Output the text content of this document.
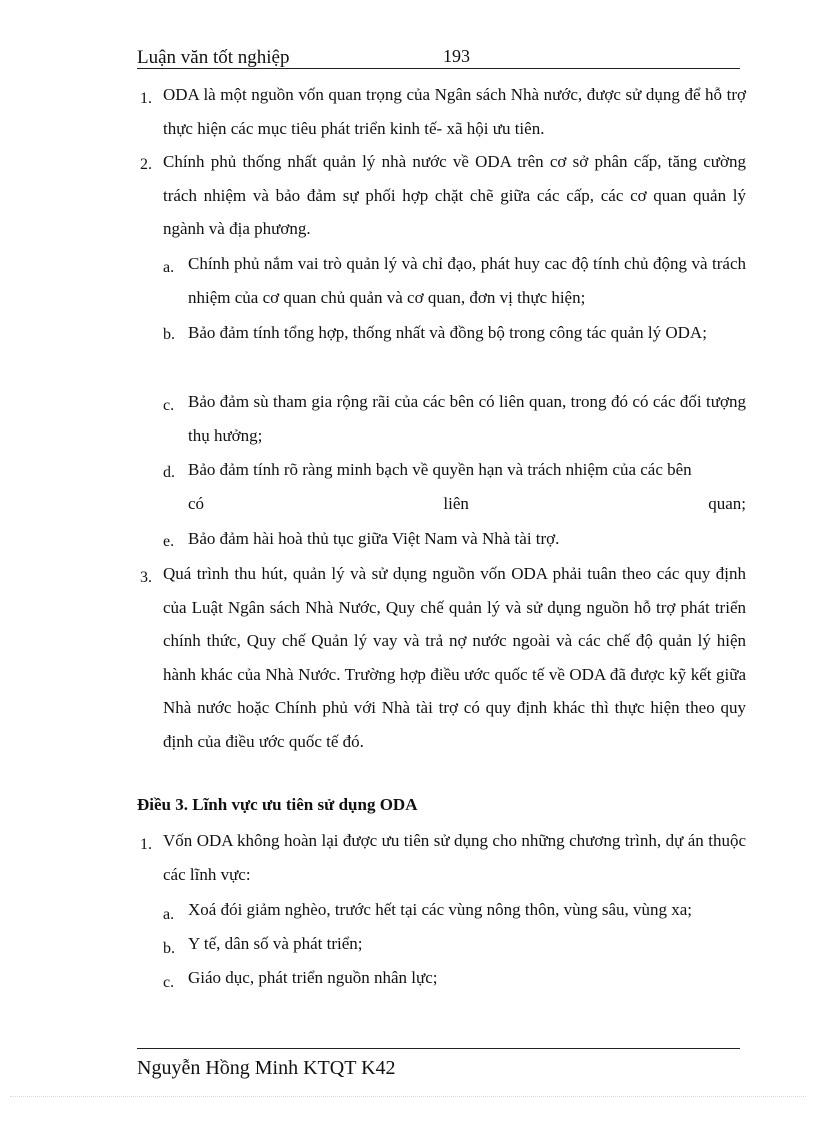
Luận văn tốt nghiệp	193
1. ODA là một nguồn vốn quan trọng của Ngân sách Nhà nước, được sử dụng để hỗ trợ thực hiện các mục tiêu phát triển kinh tế- xã hội ưu tiên.
2. Chính phủ thống nhất quản lý nhà nước về ODA trên cơ sở phân cấp, tăng cường trách nhiệm và bảo đảm sự phối hợp chặt chẽ giữa các cấp, các cơ quan quản lý ngành và địa phương.
a. Chính phủ nắm vai trò quản lý và chỉ đạo, phát huy cac độ tính chủ động và trách nhiệm của cơ quan chủ quản và cơ quan, đơn vị thực hiện;
b. Bảo đảm tính tổng hợp, thống nhất và đồng bộ trong công tác quản lý ODA;
c. Bảo đảm sù tham gia rộng rãi của các bên có liên quan, trong đó có các đối tượng thụ hưởng;
d. Bảo đảm tính rõ ràng minh bạch về quyền hạn và trách nhiệm của các bên
có	liên	quan;
e. Bảo đảm hài hoà thủ tục giữa Việt Nam và Nhà tài trợ.
3. Quá trình thu hút, quản lý và sử dụng nguồn vốn ODA phải tuân theo các quy định của Luật Ngân sách Nhà Nước, Quy chế quản lý và sử dụng nguồn hỗ trợ phát triển chính thức, Quy chế Quản lý vay và trả nợ nước ngoài và các chế độ quản lý hiện hành khác của Nhà Nước. Trường hợp điều ước quốc tế về ODA đã được kỹ kết giữa Nhà nước hoặc Chính phủ với Nhà tài trợ có quy định khác thì thực hiện theo quy định của điều ước quốc tế đó.
Điều 3. Lĩnh vực ưu tiên sử dụng ODA
1. Vốn ODA không hoàn lại được ưu tiên sử dụng cho những chương trình, dự án thuộc các lĩnh vực:
a. Xoá đói giảm nghèo, trước hết tại các vùng nông thôn, vùng sâu, vùng xa;
b. Y tế, dân số và phát triển;
c. Giáo dục, phát triển nguồn nhân lực;
Nguyễn Hồng Minh KTQT K42
